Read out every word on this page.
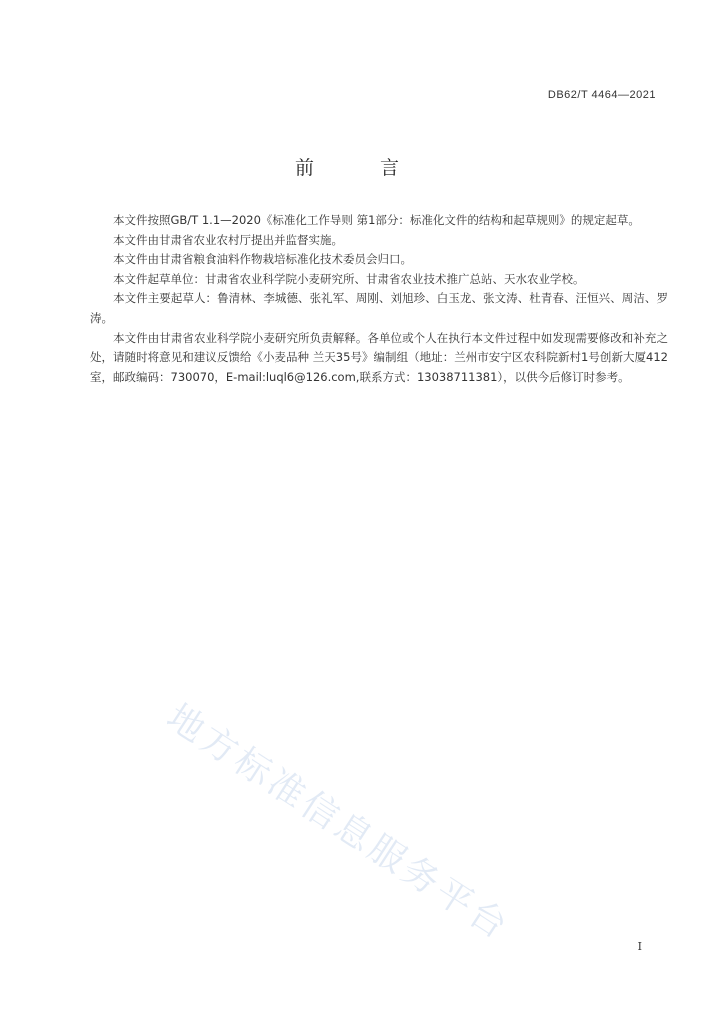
DB62/T 4464—2021
前 言

本文件按照GB/T 1.1—2020《标准化工作导则 第1部分：标准化文件的结构和起草规则》的规定起草。

本文件由甘肃省农业农村厅提出并监督实施。

本文件由甘肃省粮食油料作物栽培标准化技术委员会归口。

本文件起草单位：甘肃省农业科学院小麦研究所、甘肃省农业技术推广总站、天水农业学校。

本文件主要起草人：鲁清林、李城德、张礼军、周刚、刘旭珍、白玉龙、张文涛、杜青春、汪恒兴、周洁、罗涛。

本文件由甘肃省农业科学院小麦研究所负责解释。各单位或个人在执行本文件过程中如发现需要修改和补充之处，请随时将意见和建议反馈给《小麦品种 兰天35号》编制组（地址：兰州市安宁区农科院新村1号创新大厦412室，邮政编码：730070，E-mail:luql6@126.com,联系方式：13038711381），以供今后修订时参考。

地方标准信息服务平台	I
